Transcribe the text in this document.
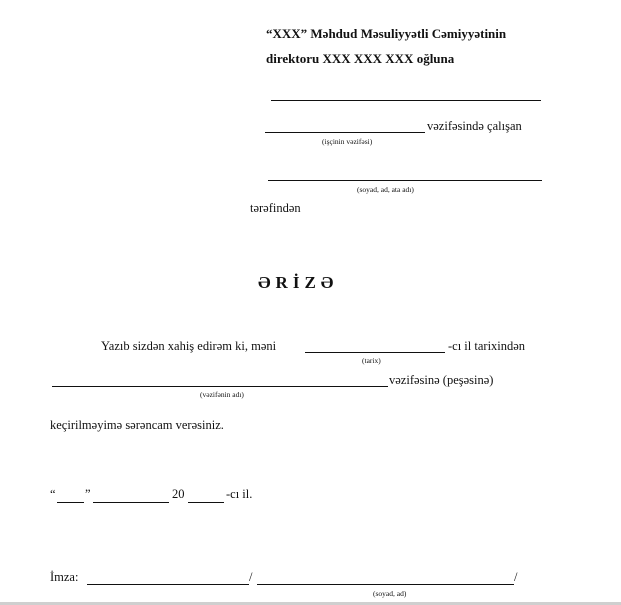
“XXX” Məhdud Məsuliyyətli Cəmiyyətinin
direktoru XXX XXX XXX oğluna
vəzifəsində çalışan
(işçinin vəzifəsi)
(soyad, ad, ata adı)
tərəfindən
ƏRİZƏ
Yazıb sizdən xahiş edirəm ki, məni	-cı il tarixindən
(tarix)
vəzifəsinə (peşəsinə)
(vəzifənin adı)
keçirilməyimə sərəncam verəsiniz.
“ ”	20	-cı il.
İmza:	/	/
(soyad, ad)
